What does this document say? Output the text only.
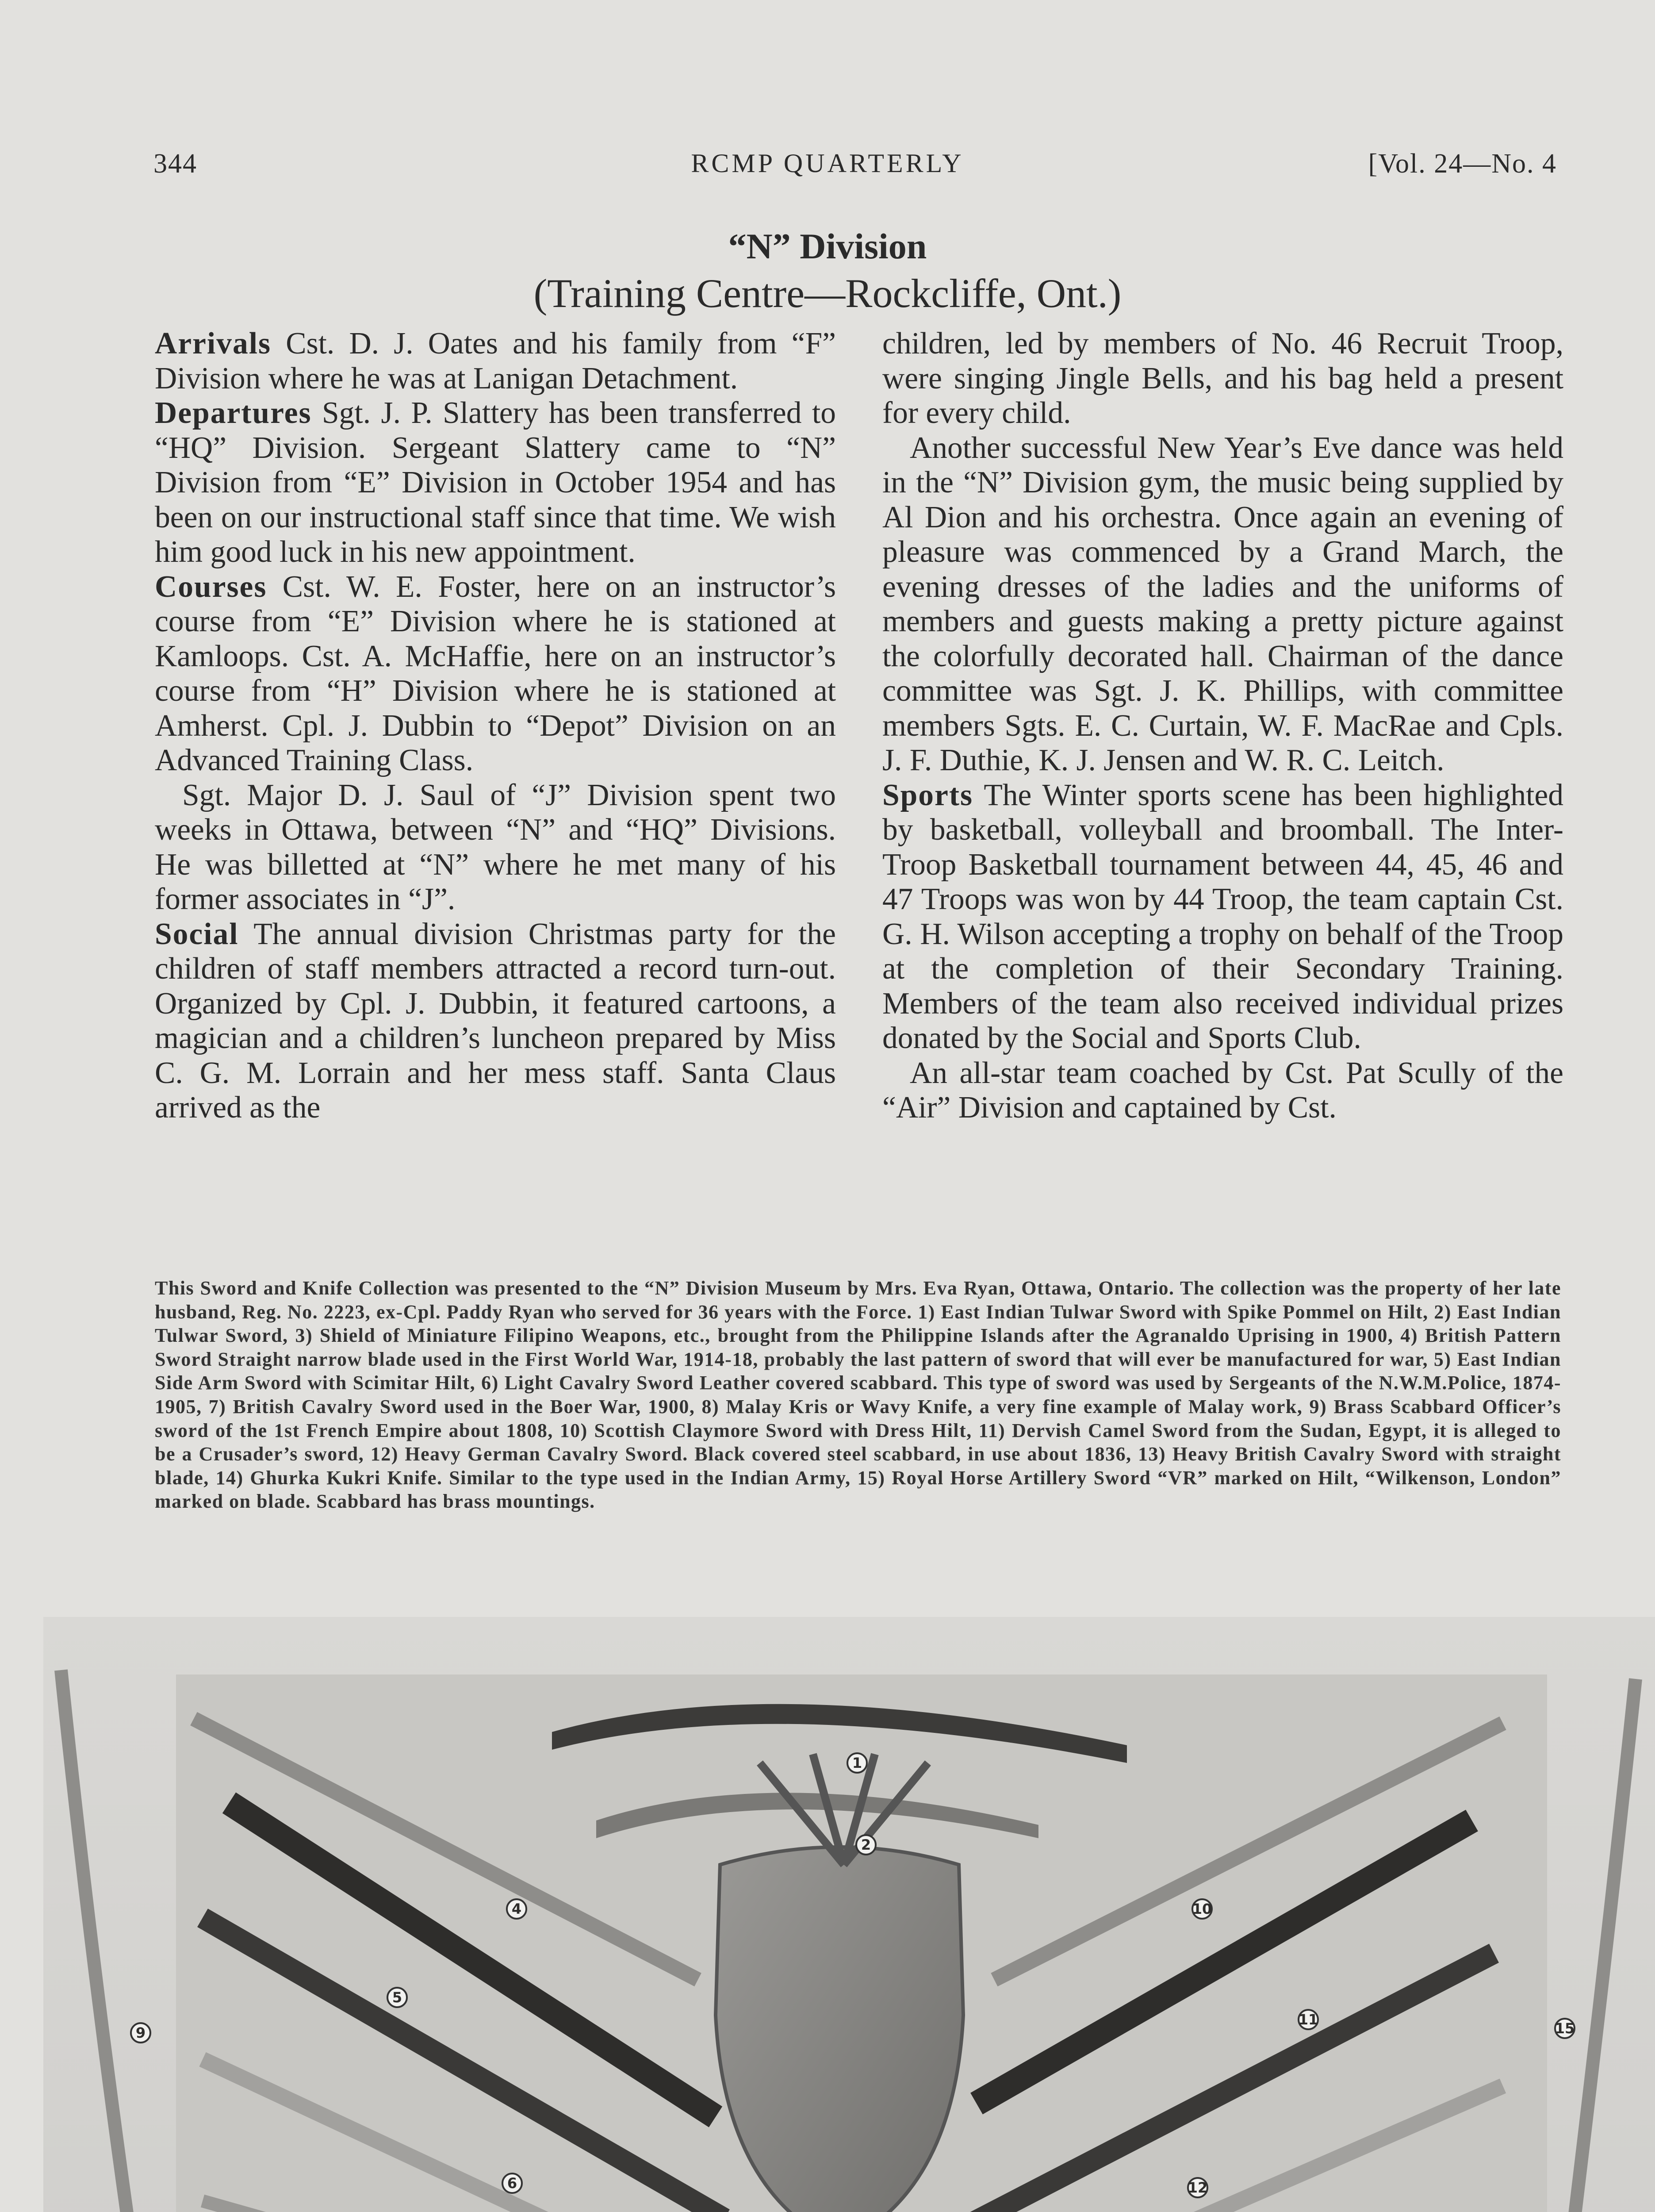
344	RCMP QUARTERLY	[Vol. 24—No. 4
“N” Division
(Training Centre—Rockcliffe, Ont.)

Arrivals Cst. D. J. Oates and his family from “F” Division where he was at Lanigan Detachment.

Departures Sgt. J. P. Slattery has been transferred to “HQ” Division. Sergeant Slattery came to “N” Division from “E” Division in October 1954 and has been on our instructional staff since that time. We wish him good luck in his new appointment.

Courses Cst. W. E. Foster, here on an instructor’s course from “E” Division where he is stationed at Kamloops. Cst. A. McHaffie, here on an instructor’s course from “H” Division where he is stationed at Amherst. Cpl. J. Dubbin to “Depot” Division on an Advanced Training Class.

Sgt. Major D. J. Saul of “J” Division spent two weeks in Ottawa, between “N” and “HQ” Divisions. He was billetted at “N” where he met many of his former associates in “J”.

Social The annual division Christmas party for the children of staff members attracted a record turn-out. Organized by Cpl. J. Dubbin, it featured cartoons, a magician and a children’s luncheon prepared by Miss C. G. M. Lorrain and her mess staff. Santa Claus arrived as the

children, led by members of No. 46 Recruit Troop, were singing Jingle Bells, and his bag held a present for every child.

Another successful New Year’s Eve dance was held in the “N” Division gym, the music being supplied by Al Dion and his orchestra. Once again an evening of pleasure was commenced by a Grand March, the evening dresses of the ladies and the uniforms of members and guests making a pretty picture against the colorfully decorated hall. Chairman of the dance committee was Sgt. J. K. Phillips, with committee members Sgts. E. C. Curtain, W. F. MacRae and Cpls. J. F. Duthie, K. J. Jensen and W. R. C. Leitch.

Sports The Winter sports scene has been highlighted by basketball, volleyball and broomball. The Inter-Troop Basketball tournament between 44, 45, 46 and 47 Troops was won by 44 Troop, the team captain Cst. G. H. Wilson accepting a trophy on behalf of the Troop at the completion of their Secondary Training. Members of the team also received individual prizes donated by the Social and Sports Club.

An all-star team coached by Cst. Pat Scully of the “Air” Division and captained by Cst.

This Sword and Knife Collection was presented to the “N” Division Museum by Mrs. Eva Ryan, Ottawa, Ontario. The collection was the property of her late husband, Reg. No. 2223, ex-Cpl. Paddy Ryan who served for 36 years with the Force. 1) East Indian Tulwar Sword with Spike Pommel on Hilt, 2) East Indian Tulwar Sword, 3) Shield of Miniature Filipino Weapons, etc., brought from the Philippine Islands after the Agranaldo Uprising in 1900, 4) British Pattern Sword Straight narrow blade used in the First World War, 1914-18, probably the last pattern of sword that will ever be manufactured for war, 5) East Indian Side Arm Sword with Scimitar Hilt, 6) Light Cavalry Sword Leather covered scabbard. This type of sword was used by Sergeants of the N.W.M.Police, 1874-1905, 7) British Cavalry Sword used in the Boer War, 1900, 8) Malay Kris or Wavy Knife, a very fine example of Malay work, 9) Brass Scabbard Officer’s sword of the 1st French Empire about 1808, 10) Scottish Claymore Sword with Dress Hilt, 11) Dervish Camel Sword from the Sudan, Egypt, it is alleged to be a Crusader’s sword, 12) Heavy German Cavalry Sword. Black covered steel scabbard, in use about 1836, 13) Heavy British Cavalry Sword with straight blade, 14) Ghurka Kukri Knife. Similar to the type used in the Indian Army, 15) Royal Horse Artillery Sword “VR” marked on Hilt, “Wilkenson, London” marked on blade. Scabbard has brass mountings.
1
2
4
5
6
9
10
11
12
15
